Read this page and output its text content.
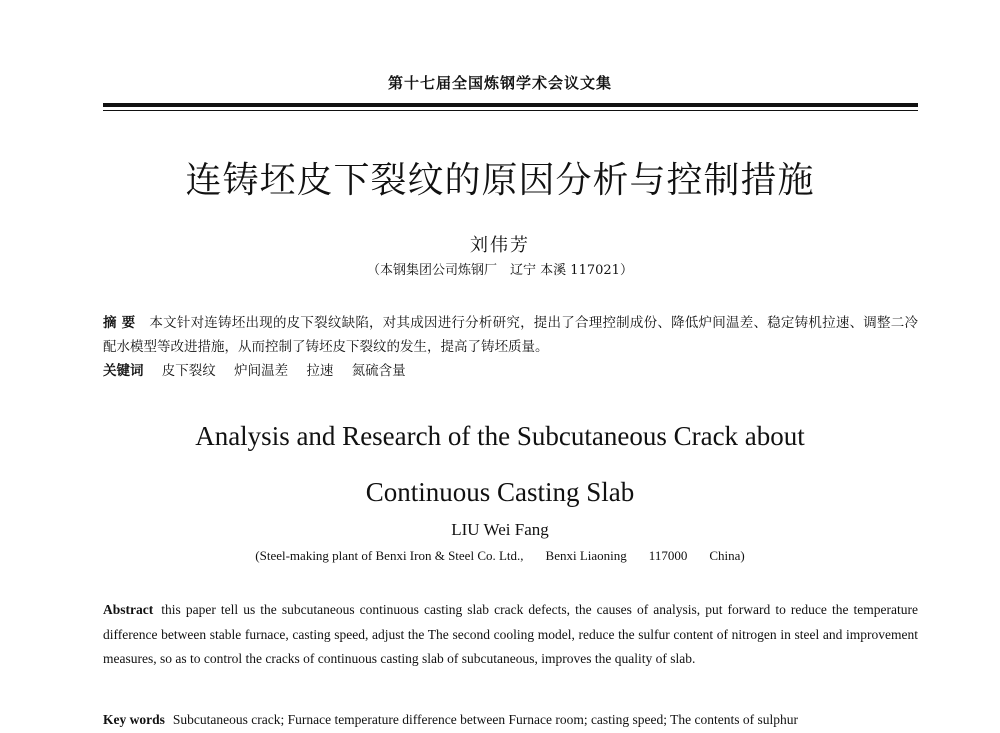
第十七届全国炼钢学术会议文集
连铸坯皮下裂纹的原因分析与控制措施
刘伟芳
（本钢集团公司炼钢厂　辽宁 本溪 117021）
摘 要 本文针对连铸坯出现的皮下裂纹缺陷，对其成因进行分析研究，提出了合理控制成份、降低炉间温差、稳定铸机拉速、调整二冷配水模型等改进措施，从而控制了铸坯皮下裂纹的发生，提高了铸坯质量。
关键词 皮下裂纹 炉间温差 拉速 氮硫含量
Analysis and Research of the Subcutaneous Crack about
Continuous Casting Slab
LIU Wei Fang
(Steel-making plant of Benxi Iron & Steel Co. Ltd., Benxi Liaoning 117000 China)
Abstract this paper tell us the subcutaneous continuous casting slab crack defects, the causes of analysis, put forward to reduce the temperature difference between stable furnace, casting speed, adjust the The second cooling model, reduce the sulfur content of nitrogen in steel and improvement measures, so as to control the cracks of continuous casting slab of subcutaneous, improves the quality of slab.
Key words Subcutaneous crack; Furnace temperature difference between Furnace room; casting speed; The contents of sulphur
